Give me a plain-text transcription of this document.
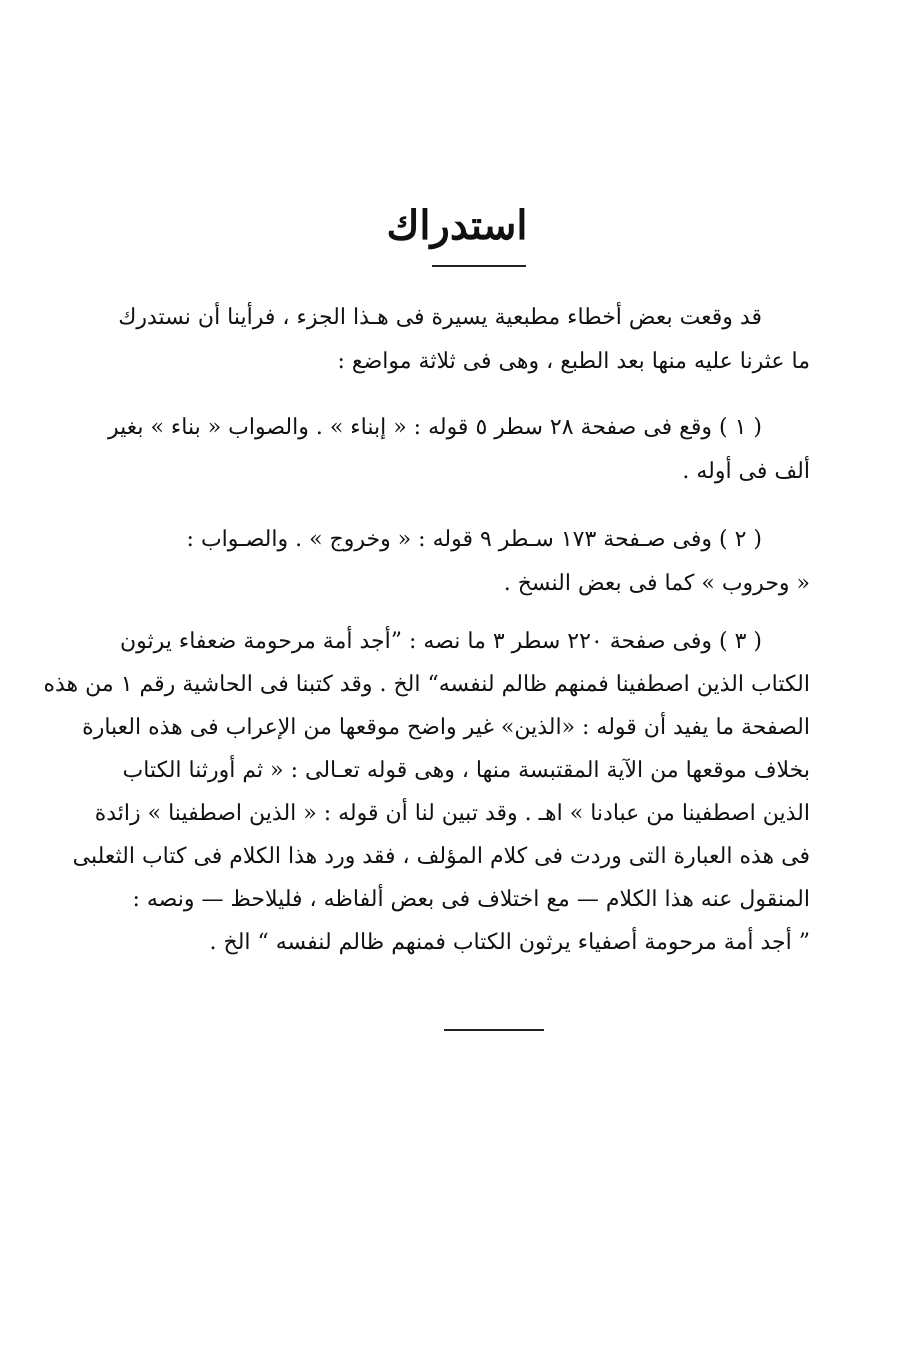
استدراك
قد وقعت بعض أخطاء مطبعية يسيرة فى هـذا الجزء ، فرأينا أن نستدرك
ما عثرنا عليه منها بعد الطبع ، وهى فى ثلاثة مواضع :
( ١ ) وقع فى صفحة ٢٨ سطر ٥ قوله : « إبناء » . والصواب « بناء » بغير
ألف فى أوله .
( ٢ ) وفى صـفحة ١٧٣ سـطر ٩ قوله : « وخروج » . والصـواب :
« وحروب » كما فى بعض النسخ .
( ٣ ) وفى صفحة ٢٢٠ سطر ٣ ما نصه : ”أجد أمة مرحومة ضعفاء يرثون
الكتاب الذين اصطفينا فمنهم ظالم لنفسه“ الخ . وقد كتبنا فى الحاشية رقم ١ من هذه
الصفحة ما يفيد أن قوله : «الذين» غير واضح موقعها من الإعراب فى هذه العبارة
بخلاف موقعها من الآية المقتبسة منها ، وهى قوله تعـالى : « ثم أورثنا الكتاب
الذين اصطفينا من عبادنا » اهـ . وقد تبين لنا أن قوله : « الذين اصطفينا » زائدة
فى هذه العبارة التى وردت فى كلام المؤلف ، فقد ورد هذا الكلام فى كتاب الثعلبى
المنقول عنه هذا الكلام — مع اختلاف فى بعض ألفاظه ، فليلاحظ — ونصه :
” أجد أمة مرحومة أصفياء يرثون الكتاب فمنهم ظالم لنفسه “ الخ .
